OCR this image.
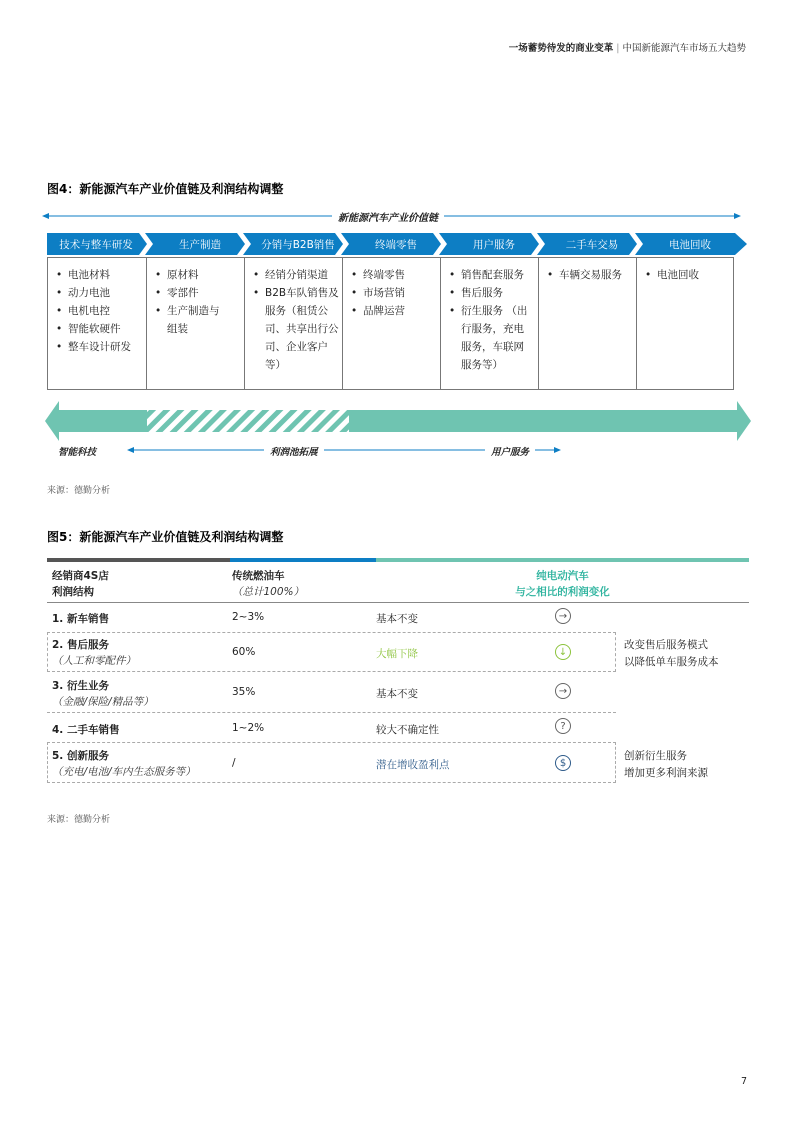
一场蓄势待发的商业变革 | 中国新能源汽车市场五大趋势
图4：新能源汽车产业价值链及利润结构调整
新能源汽车产业价值链
技术与整车研发	生产制造	分销与B2B销售	终端零售	用户服务	二手车交易	电池回收
• 电池材料
• 动力电池
• 电机电控
• 智能软硬件
• 整车设计研发
• 原材料
• 零部件
• 生产制造与组装
• 经销分销渠道
• B2B车队销售及服务（租赁公司、共享出行公司、企业客户等）
• 终端零售
• 市场营销
• 品牌运营
• 销售配套服务
• 售后服务
• 衍生服务 （出行服务，充电服务，车联网服务等）
• 车辆交易服务
•	电池回收
智能科技	利润池拓展	用户服务
来源：德勤分析
图5：新能源汽车产业价值链及利润结构调整
经销商4S店
利润结构
传统燃油车
（总计100%）
纯电动汽车
与之相比的利润变化
1. 新车销售	2~3%	基本不变	→
2. 售后服务
（人工和零配件）
60%	大幅下降	↓
改变售后服务模式
以降低单车服务成本
3. 衍生业务
（金融/保险/精品等）
35%	基本不变	→
4. 二手车销售	1~2%	较大不确定性	?
5. 创新服务
（充电/电池/车内生态服务等）
/	潜在增收盈利点	$
创新衍生服务
增加更多利润来源
来源：德勤分析
7
